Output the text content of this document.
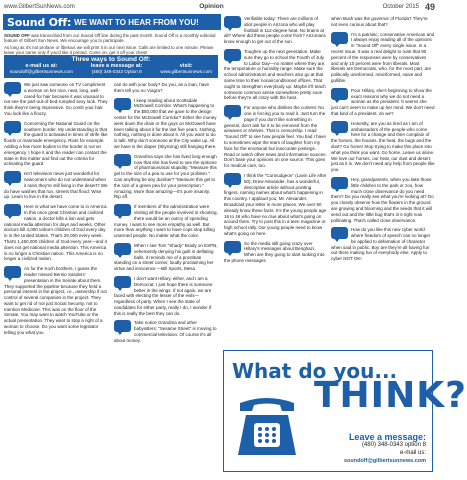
www.GilbertSunNews.com	Opinion	October 2015 49
Sound Off: WE WANT TO HEAR FROM YOU!

SOUND OFF was transcribed from our Sound Off line during the past month. Sound Off is a monthly editorial feature of Gilbert Sun News. We encourage you to participate.

As long as it's not profane or libelous we will print it in our next issue. Calls are limited to one minute. Please leave your name only if you'd like it printed. Come on, get it off your chest!

Three ways to Sound Off:
e-mail us at:
soundoff@gilbertsunnews.com
leave a message at:
(480) 348-0343 Option 8
visit:
www.gilbertsunnews.com
We just saw someone on TV compliment a woman on her nice, neat, long, well-cared-for hair because it was unusual to not see the part-out-of-bed-rumpled sexy look. They think they're being impressive. Go comb your hair. You look like a floozy.
Concerning the National Guard on the southern border. My understanding is that the guard is activated in times of strife like floods or manmade emergency. Riots for example. Adding a few more bodies to the border is not an emergency. I hope it and the reader can contact the state in this matter and find out the criteria for activating the guard.
Isn't television news just wonderful for newcomers who do not understand when it rains they're still living in the desert? We do have washes that run, streets that flood. Wise up. Learn to live in the desert.
Here is what we have come to in America. In this once great Christian and civilized nation, a doctor kills a lion and gets national media attention for days and weeks. Other doctors kill 4,000 unborn children of God every day in in the United States. That's 28,000 every week. That's 1,460,000 children of God every year—and it does not get national media attention. This America is no longer a Christian nation. This America is no longer a civilized nation.
As for the Koch brothers, I guess the reader missed Bernie Sanders' presentation in the Senate about them. They supported the pipeline because they held a personal interest in the project, i.e., ownership if not control of several companies in the project. They want to get rid of not just Social Security, not to mention Medicare. This was on the floor of the Senate. You may want to watch YouTube or the actual presentation. They want to stop a right of a woman to choose. Do you want some legislator telling you what you
can do with your body? Do you, as a man, have them tell you no Viagra?
I keep reading about Scottsdale McDowell Corridor. What's happening to the $50,000 that we gave to the design center for the McDowell Corridor? Either the money went down the drain or the guys on McDowell have been talking about it for the last five years. Nothing, nothing, nothing is done about it. All you want to do is talk. Why don't someone at the City wake up. All we have is the diaper (SkySong) still hanging there.
Grandma says she has lived long enough now that she has lived to see the epitome of pharmaceutical stupidity. "Measure this gel to the size of a pea to use for your problem." Can anything be any dumber? "Measure this gel to the size of a green pea for your prescription." Amazing. More than amazing—it's pure insanity. Rip off.
If members of the administration were visiting all the people involved in shooting, there would be an outcry of spending money. I want to see more empathy as well. But more than anything I want to have cops stop killing unarmed people. No matter what the color.
When I see Tom "Shady" Brady on ESPN, vehemently denying his guilt in deflating balls, it reminds me of a prostitute standing on a street corner, loudly proclaiming her virtue and innocence —Bill Sports, Mesa
I don't want Hillary, either, and I am a Democrat. I just hope there is someone better in the wings. If not again, we are faced with electing the lesser of the evils—regardless of party. When I see the state of candidates for either party, really I do, I wonder if this is really the best they can do.
Take notice Grandma and other babysitters: "Sesame Street" is moving to commercial television. Of course it's all about money.
Verifiable today: There are millions of idiot people in Arizona who will play football in 112-degree heat. No brains at all? Where did these people come from? Arizonans know enough to get out of the sun.
Toughen up the next generation. Make sure they go to school the Fourth of July to Labor Day—no matter where they are, the temperature or humidity range. Make sure the school administrators and teachers also go at that same time to their nonairconditioned offices. That ought to strengthen everybody up. Maybe it'll teach someone common sense somewhere pretty soon before they're all crazy with the heat.
For anyone who dislikes the content: No one is forcing you to read it. Just turn the page if you don't like something in general, don't ask for it to be removed from the airwaves or shelves. That is censorship. I read "Sound Off" to see how people feel. You bad I have to sometimes wipe the tears of laughter from my face for the emotional but inaccurate postings. Read or watch other news and information sources. Don't base your opinions on one source. This goes for medical care, too.
I think the "Curmudgeon" (Lavin Life After 50), Drew Alexander, has a wonderful, descriptive article without pointing fingers, naming names about what's happening in this country. I applaud you, Mr. Alexander. Broadcast your letter in more places. We over 50 already know these facts. It's the young people age 16 to 46 who have no clue about what's going on around them. Try to post this in a teen magazine or high school rally. Our young people need to know what's going on here.
So the media still going crazy over Hillary's messages about Benghazi. When are they going to start looking into the phone messages
when Bush was the governor of Florida? They're not even curious about that?
I'm a patriotic, conservative American and I always enjoy reading all of the opinions in "Sound Off" every single issue. In a recent issue, it was a real delight to note that 90 percent of the responses were by conservatives and only 10 percent were from liberals. Most liberals are Democrats, who, for the most part, are politically uninformed, misinformed, naive and gullible.
Poor Hillary, she's beginning to show the exact reasons why we do not need a woman as the president. It seems she just can't seem to make up her mind. We don't need that kind of a president, do we?
Honestly, are you as tired as I am of ambassadors of the people who come here for a change and then complain of the horses, the houses, the heat, the bugs and the dust? Go home! Stop trying to make this place into what you think you want. Go home. Leave us alone. We love our horses, our heat, our dust and desert, just as it is. We don't need any help from people like you.
Hey, grandparents, when you take those little children to the park or zoo, how much close observance do you need them? Do you really see what you're looking at? Do you closely observe how the flowers in the ground are growing and blooming and the seeds that it will send out and the little bug that's in it right now pollinating. That's called close observance.
How do you like this new cyber world where freedom of speech can no longer be applied to defamation of character when said in public. Boy are they're all having fun out there making fun of everybody else. Apply to cyber NOT OK!
What do you...
THINK?
Leave a message:
(480) 348-0343 option 8
e-mail us:
soundoff@gilbertsunnews.com
